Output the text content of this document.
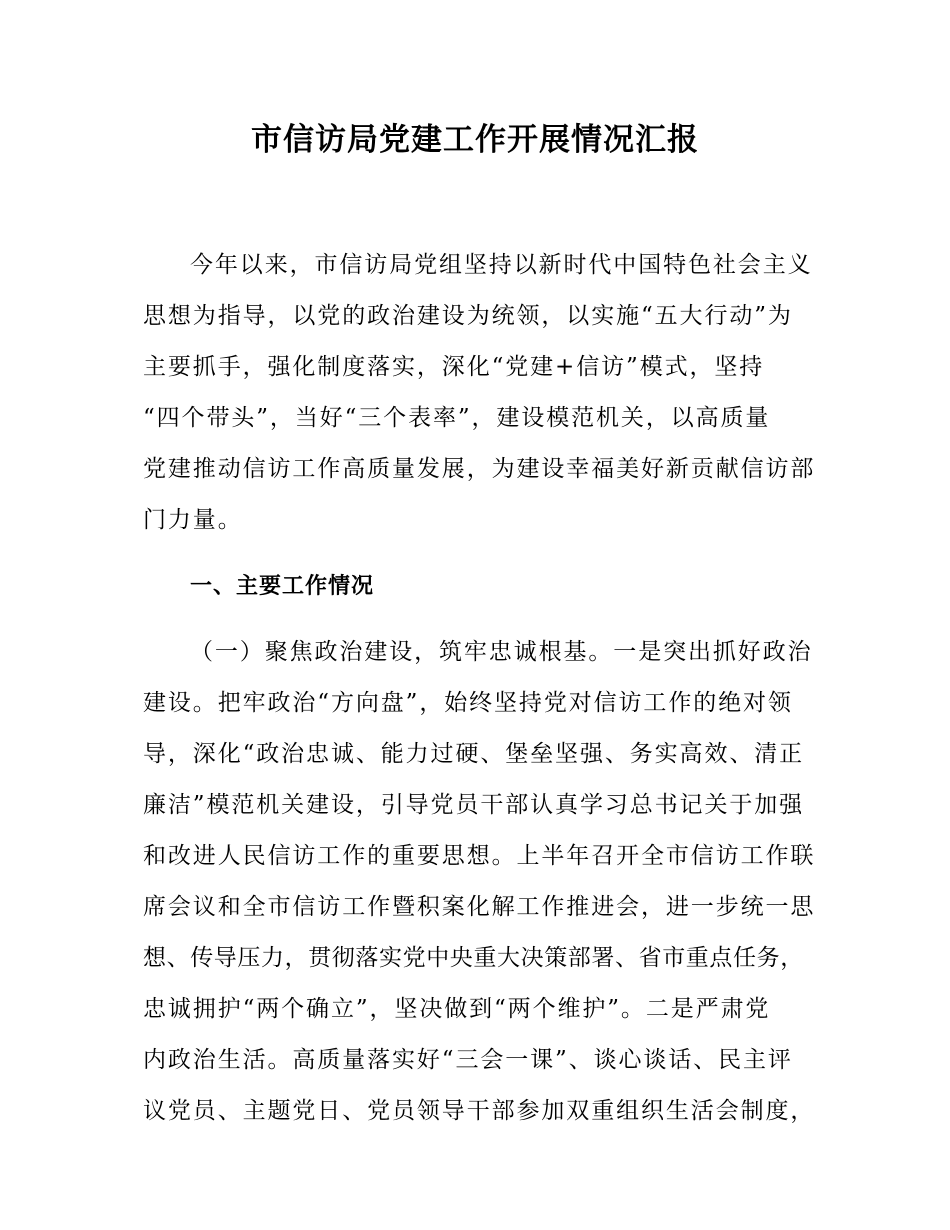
市信访局党建工作开展情况汇报
今年以来，市信访局党组坚持以新时代中国特色社会主义
思想为指导，以党的政治建设为统领，以实施“五大行动”为
主要抓手，强化制度落实，深化“党建+信访”模式，坚持
“四个带头”，当好“三个表率”，建设模范机关，以高质量
党建推动信访工作高质量发展，为建设幸福美好新贡献信访部
门力量。
一、主要工作情况
（一）聚焦政治建设，筑牢忠诚根基。一是突出抓好政治
建设。把牢政治“方向盘”，始终坚持党对信访工作的绝对领
导，深化“政治忠诚、能力过硬、堡垒坚强、务实高效、清正
廉洁”模范机关建设，引导党员干部认真学习总书记关于加强
和改进人民信访工作的重要思想。上半年召开全市信访工作联
席会议和全市信访工作暨积案化解工作推进会，进一步统一思
想、传导压力，贯彻落实党中央重大决策部署、省市重点任务，
忠诚拥护“两个确立”，坚决做到“两个维护”。二是严肃党
内政治生活。高质量落实好“三会一课”、谈心谈话、民主评
议党员、主题党日、党员领导干部参加双重组织生活会制度，
